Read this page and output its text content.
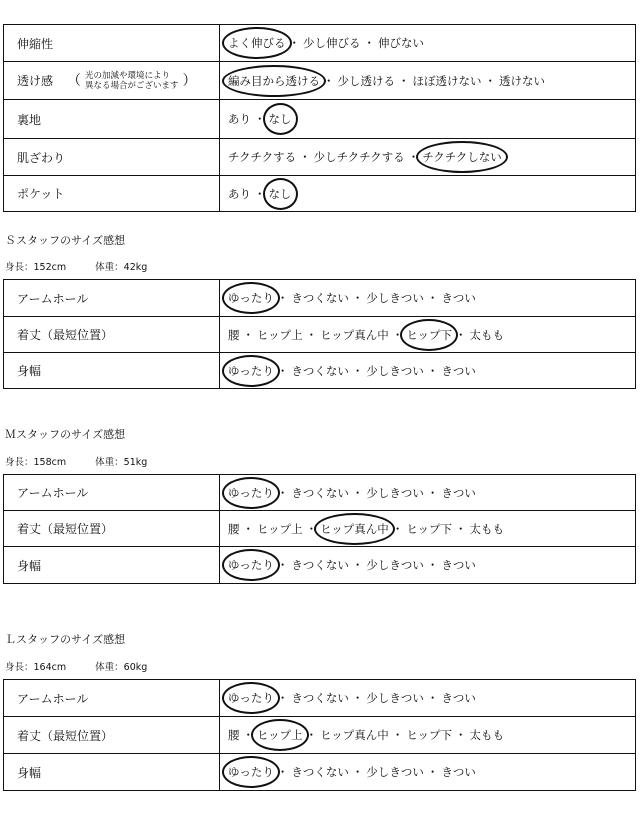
伸縮性	よく伸びる ・ 少し伸びる ・ 伸びない

透け感 （ 光の加減や環境により
異なる場合がございます ）	編み目から透ける ・ 少し透ける ・ ほぼ透けない ・ 透けない
裏地	あり ・ なし
肌ざわり	チクチクする ・ 少しチクチクする ・ チクチクしない
ポケット	あり ・ なし
Ｓスタッフのサイズ感想
身長：152cm	体重：42kg
アームホール	ゆったり ・ きつくない ・ 少しきつい ・ きつい
着丈（最短位置）	腰 ・ ヒップ上 ・ ヒップ真ん中 ・ ヒップ下 ・ 太もも
身幅	ゆったり ・ きつくない ・ 少しきつい ・ きつい
Ｍスタッフのサイズ感想
身長：158cm	体重：51kg
アームホール	ゆったり ・ きつくない ・ 少しきつい ・ きつい
着丈（最短位置）	腰 ・ ヒップ上 ・ ヒップ真ん中 ・ ヒップ下 ・ 太もも
身幅	ゆったり ・ きつくない ・ 少しきつい ・ きつい
Ｌスタッフのサイズ感想
身長：164cm	体重：60kg
アームホール	ゆったり ・ きつくない ・ 少しきつい ・ きつい
着丈（最短位置）	腰 ・ ヒップ上 ・ ヒップ真ん中 ・ ヒップ下 ・ 太もも
身幅	ゆったり ・ きつくない ・ 少しきつい ・ きつい
